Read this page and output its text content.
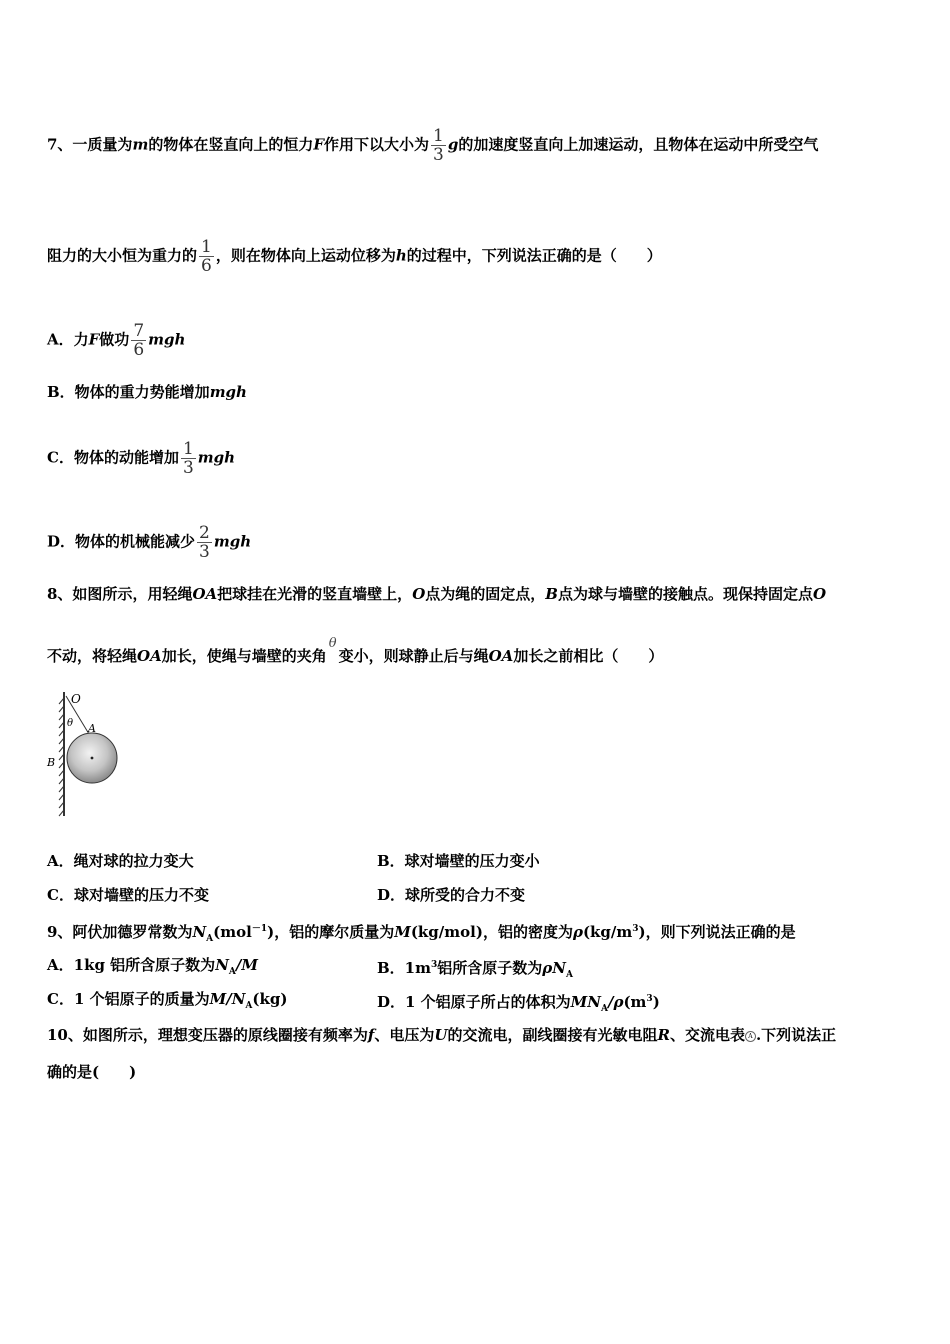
7、一质量为m的物体在竖直向上的恒力F作用下以大小为 $\frac{1}{3}$ g的加速度竖直向上加速运动，且物体在运动中所受空气
阻力的大小恒为重力的 $\frac{1}{6}$ ，则在物体向上运动位移为h的过程中，下列说法正确的是（　　）
A．力F做功 $\frac{7}{6}$ mgh
B．物体的重力势能增加mgh
C．物体的动能增加 $\frac{1}{3}$ mgh
D．物体的机械能减少 $\frac{2}{3}$ mgh
8、如图所示，用轻绳OA把球挂在光滑的竖直墙壁上，O点为绳的固定点，B点为球与墙壁的接触点。现保持固定点O
不动，将轻绳OA加长，使绳与墙壁的夹角θ变小，则球静止后与绳OA加长之前相比（　　）
O
θ A
B
A．绳对球的拉力变大	B．球对墙壁的压力变小
C．球对墙壁的压力不变	D．球所受的合力不变
9、阿伏加德罗常数为$N_A(mol^{-1})$，铝的摩尔质量为M(kg/mol)，铝的密度为$\rho(kg/m^3)$，则下列说法正确的是
A．1kg 铝所含原子数为$N_A/M$	B．$1m^3$铝所含原子数为$\rho N_A$
C．1 个铝原子的质量为$M/N_A(kg)$	D．1 个铝原子所占的体积为$MN_A/\rho(m^3)$
10、如图所示，理想变压器的原线圈接有频率为f、电压为U的交流电，副线圈接有光敏电阻R、交流电表 A .下列说法正
确的是(　　)
